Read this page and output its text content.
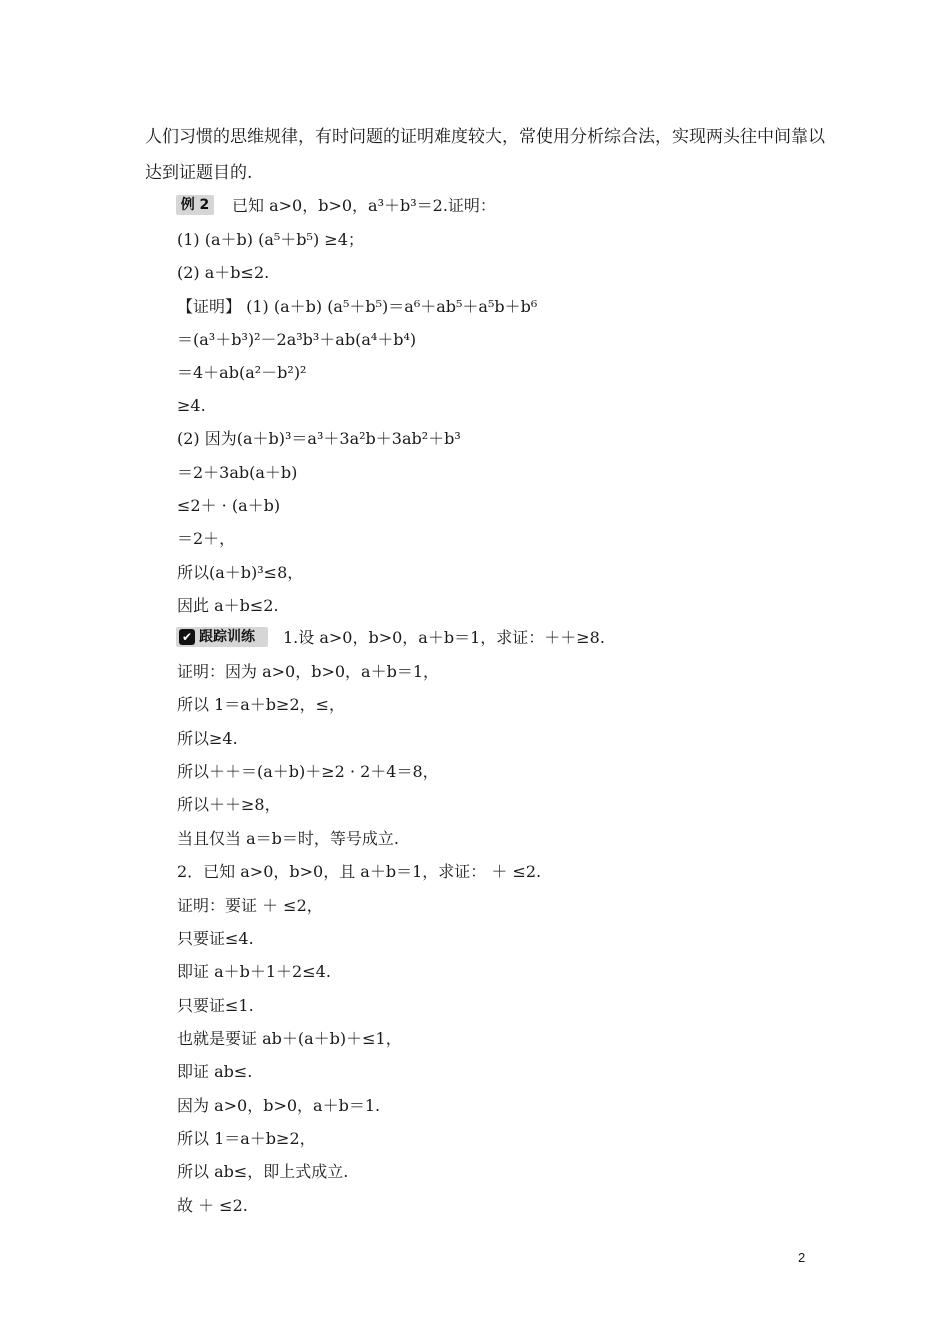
人们习惯的思维规律，有时问题的证明难度较大，常使用分析综合法，实现两头往中间靠以
达到证题目的.
例 2 已知 a>0，b>0，a³＋b³＝2.证明：
(1) (a＋b) (a⁵＋b⁵) ≥4；
(2) a＋b≤2.
【证明】 (1) (a＋b) (a⁵＋b⁵)＝a⁶＋ab⁵＋a⁵b＋b⁶
＝(a³＋b³)²－2a³b³＋ab(a⁴＋b⁴)
＝4＋ab(a²－b²)²
≥4.
(2) 因为(a＋b)³＝a³＋3a²b＋3ab²＋b³
＝2＋3ab(a＋b)
≤2＋ · (a＋b)
＝2＋，
所以(a＋b)³≤8，
因此 a＋b≤2.
✔ 跟踪训练	1.设 a>0，b>0，a＋b＝1，求证：＋＋≥8.
证明：因为 a>0，b>0，a＋b＝1，
所以 1＝a＋b≥2，≤，
所以≥4.
所以＋＋＝(a＋b)＋≥2 · 2＋4＝8，
所以＋＋≥8，
当且仅当 a＝b＝时，等号成立.
2．已知 a>0，b>0，且 a＋b＝1，求证： ＋ ≤2.
证明：要证 ＋ ≤2，
只要证≤4.
即证 a＋b＋1＋2≤4.
只要证≤1.
也就是要证 ab＋(a＋b)＋≤1，
即证 ab≤.
因为 a>0，b>0，a＋b＝1.
所以 1＝a＋b≥2，
所以 ab≤，即上式成立.
故 ＋ ≤2.
2
